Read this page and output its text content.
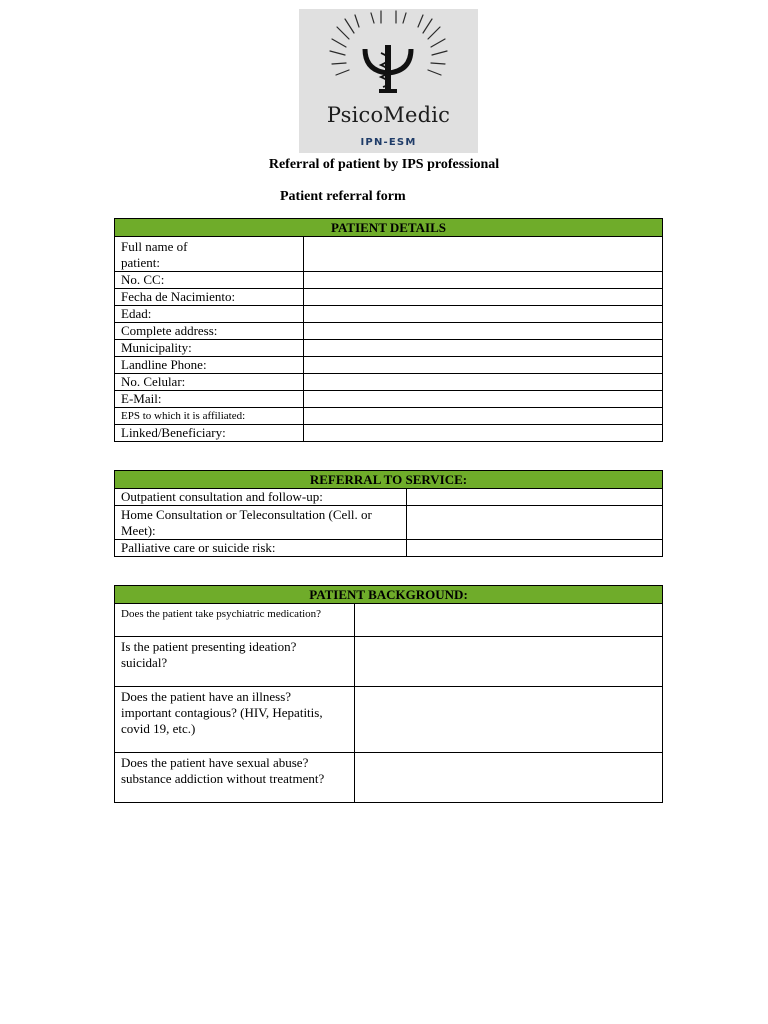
PsicoMedic
IPN-ESM
Referral of patient by IPS professional
Patient referral form
PATIENT DETAILS	
Full name of patient:	
No. CC:	
Fecha de Nacimiento:	
Edad:	
Complete address:	
Municipality:	
Landline Phone:	
No. Celular:	
E-Mail:	
EPS to which it is affiliated:	
Linked/Beneficiary:	
REFERRAL TO SERVICE:	
Outpatient consultation and follow-up:	
Home Consultation or Teleconsultation (Cell. or Meet):	
Palliative care or suicide risk:	
PATIENT BACKGROUND:	
Does the patient take psychiatric medication?	
Is the patient presenting ideation? suicidal?	
Does the patient have an illness? important contagious? (HIV, Hepatitis, covid 19, etc.)	
Does the patient have sexual abuse? substance addiction without treatment?	
